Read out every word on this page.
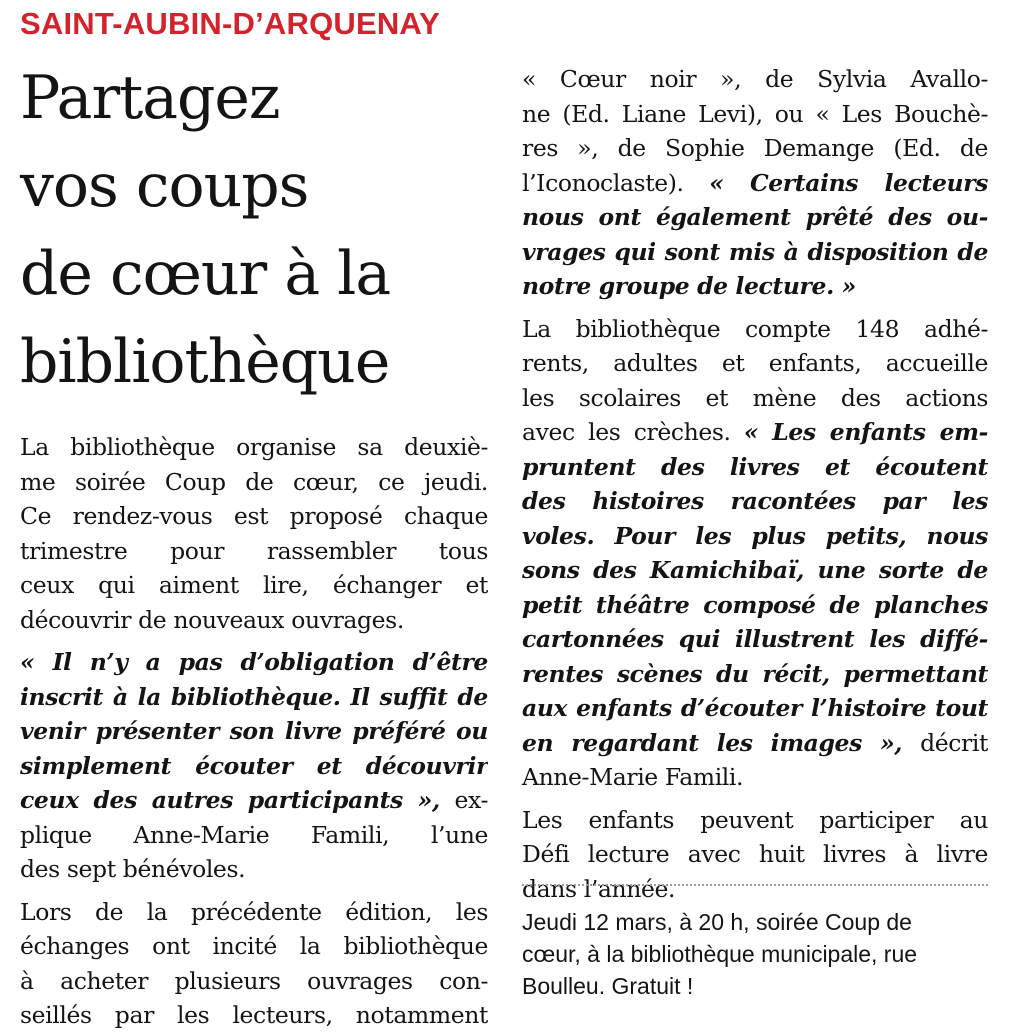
SAINT-AUBIN-D’ARQUENAY
Partagez
vos coups
de cœur à la
bibliothèque
La bibliothèque organise sa deuxiè-
me soirée Coup de cœur, ce jeudi.
Ce rendez-vous est proposé chaque
trimestre pour rassembler tous
ceux qui aiment lire, échanger et
découvrir de nouveaux ouvrages.
« Il n’y a pas d’obligation d’être
inscrit à la bibliothèque. Il suffit de
venir présenter son livre préféré ou
simplement écouter et découvrir
ceux des autres participants », ex-
plique Anne-Marie Famili, l’une
des sept bénévoles.
Lors de la précédente édition, les
échanges ont incité la bibliothèque
à acheter plusieurs ouvrages con-
seillés par les lecteurs, notamment
« Cœur noir », de Sylvia Avallo-
ne (Ed. Liane Levi), ou « Les Bouchè-
res », de Sophie Demange (Ed. de
l’Iconoclaste). « Certains lecteurs
nous ont également prêté des ou-
vrages qui sont mis à disposition de
notre groupe de lecture. »
La bibliothèque compte 148 adhé-
rents, adultes et enfants, accueille
les scolaires et mène des actions
avec les crèches. « Les enfants em-
pruntent des livres et écoutent
des histoires racontées par les
voles. Pour les plus petits, nous
sons des Kamichibaï, une sorte de
petit théâtre composé de planches
cartonnées qui illustrent les diffé-
rentes scènes du récit, permettant
aux enfants d’écouter l’histoire tout
en regardant les images », décrit
Anne-Marie Famili.
Les enfants peuvent participer au
Défi lecture avec huit livres à livre
dans l’année.
Jeudi 12 mars, à 20 h, soirée Coup de
cœur, à la bibliothèque municipale, rue
Boulleu. Gratuit !
